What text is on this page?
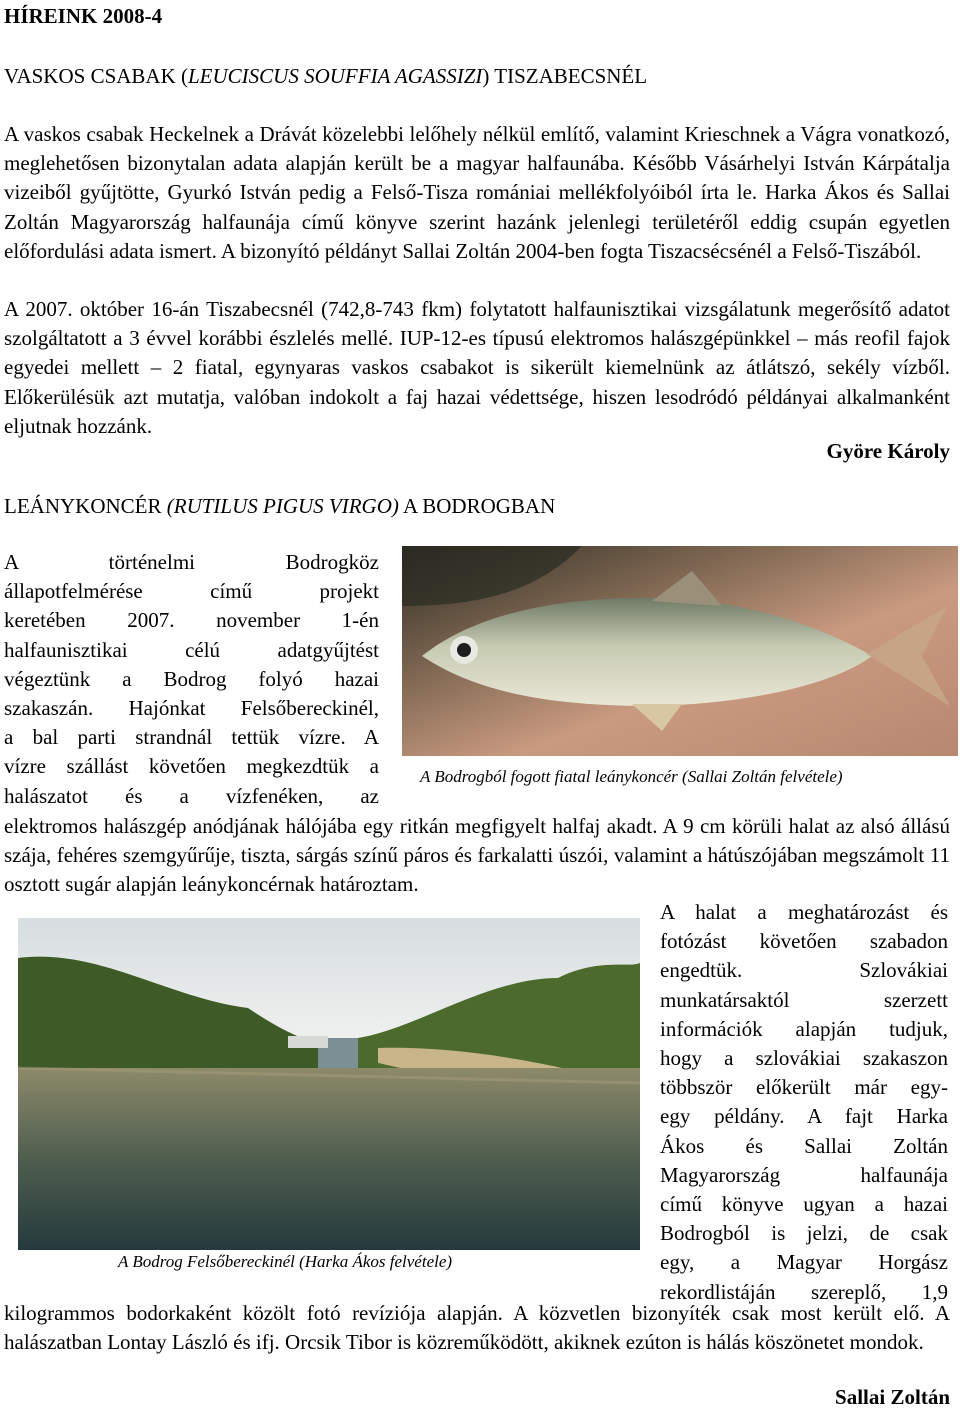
HÍREINK 2008-4
VASKOS CSABAK (LEUCISCUS SOUFFIA AGASSIZI) TISZABECSNÉL
A vaskos csabak Heckelnek a Drávát közelebbi lelőhely nélkül említő, valamint Krieschnek a Vágra vonatkozó, meglehetősen bizonytalan adata alapján került be a magyar halfaunába. Később Vásárhelyi István Kárpátalja vizeiből gyűjtötte, Gyurkó István pedig a Felső-Tisza romániai mellékfolyóiból írta le. Harka Ákos és Sallai Zoltán Magyarország halfaunája című könyve szerint hazánk jelenlegi területéről eddig csupán egyetlen előfordulási adata ismert. A bizonyító példányt Sallai Zoltán 2004-ben fogta Tiszacsécsénél a Felső-Tiszából.
A 2007. október 16-án Tiszabecsnél (742,8-743 fkm) folytatott halfaunisztikai vizsgálatunk megerősítő adatot szolgáltatott a 3 évvel korábbi észlelés mellé. IUP-12-es típusú elektromos halászgépünkkel – más reofil fajok egyedei mellett – 2 fiatal, egynyaras vaskos csabakot is sikerült kiemelnünk az átlátszó, sekély vízből. Előkerülésük azt mutatja, valóban indokolt a faj hazai védettsége, hiszen lesodródó példányai alkalmanként eljutnak hozzánk.
Györe Károly
LEÁNYKONCÉR (RUTILUS PIGUS VIRGO) A BODROGBAN
A történelmi Bodrogköz
állapotfelmérése című projekt
keretében 2007. november 1-én
halfaunisztikai célú adatgyűjtést
végeztünk a Bodrog folyó hazai
szakaszán. Hajónkat Felsőbereckinél,
a bal parti strandnál tettük vízre. A
vízre szállást követően megkezdtük a
halászatot és a vízfenéken, az
A Bodrogból fogott fiatal leánykoncér (Sallai Zoltán felvétele)
elektromos halászgép anódjának hálójába egy ritkán megfigyelt halfaj akadt. A 9 cm körüli halat az alsó állású szája, fehéres szemgyűrűje, tiszta, sárgás színű páros és farkalatti úszói, valamint a hátúszójában megszámolt 11 osztott sugár alapján leánykoncérnak határoztam.
A Bodrog Felsőbereckinél (Harka Ákos felvétele)
A halat a meghatározást és
fotózást követően szabadon
engedtük. Szlovákiai
munkatársaktól szerzett
információk alapján tudjuk,
hogy a szlovákiai szakaszon
többször előkerült már egy-
egy példány. A fajt Harka
Ákos és Sallai Zoltán
Magyarország halfaunája
című könyve ugyan a hazai
Bodrogból is jelzi, de csak
egy, a Magyar Horgász
rekordlistáján szereplő, 1,9
kilogrammos bodorkaként közölt fotó revíziója alapján. A közvetlen bizonyíték csak most került elő. A halászatban Lontay László és ifj. Orcsik Tibor is közreműködött, akiknek ezúton is hálás köszönetet mondok.
Sallai Zoltán
